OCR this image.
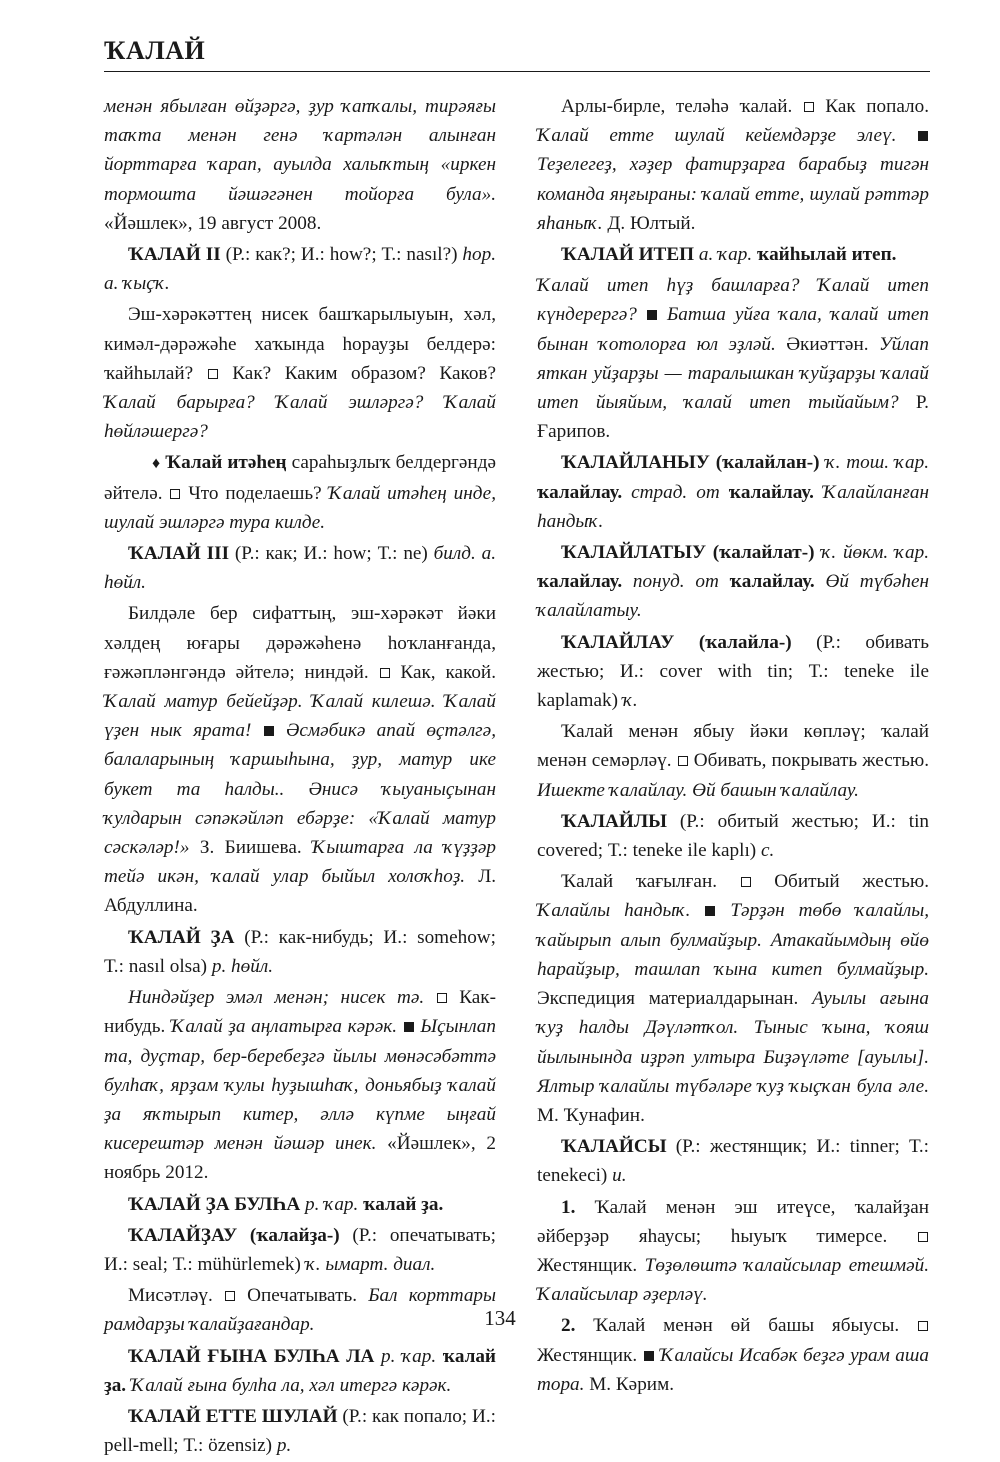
ҠАЛАЙ

менән ябылған өйҙәргә, ҙур ҡапҡалы, тирәяғы таҡта менән генә ҡартәлән алынған йорттарға ҡарап, ауылда халыҡтың «иркен тормошта йәшәгәнен тойорға була». «Йәшлек», 19 август 2008.

ҠАЛАЙ II (Р.: как?; И.: how?; Т.: nasıl?) һор. а. ҡыҫҡ.

Эш-хәрәкәттең нисек башҡарылыуын, хәл, кимәл-дәрәжәһе хаҡында һорауҙы белдерә: ҡайһылай?  Как? Каким образом? Каков? Ҡалай барырға? Ҡалай эшләргә? Ҡалай һөйләшергә?

♦ Ҡалай итәһең сараһыҙлыҡ белдергәндә әйтелә.  Что поделаешь? Ҡалай итәһең инде, шулай эшләргә тура килде.

ҠАЛАЙ III (Р.: как; И.: how; Т.: ne) билд. а. һөйл.

Билдәле бер сифаттың, эш-хәрәкәт йәки хәлдең юғары дәрәжәһенә һоҡланғанда, ғәжәпләнгәндә әйтелә; ниндәй.  Как, какой. Ҡалай матур бейейҙәр. Ҡалай килешә. Ҡалай үҙен нык ярата!  Әсмәбикә апай өҫтәлгә, балаларының ҡаршыһына, ҙур, матур ике букет та һалды.. Әнисә ҡыуаныҫынан ҡулдарын сәпәкәйләп ебәрҙе: «Ҡалай матур сәскәләр!» З. Биишева. Ҡыштарға ла ҡүҙҙәр тейә икән, ҡалай улар быйыл холоҡһоҙ. Л. Абдуллина.

ҠАЛАЙ ҘА (Р.: как-нибудь; И.: somehow; Т.: nasıl olsa) р. һөйл.

Ниндәйҙер эмәл менән; нисек тә.  Как-нибудь. Ҡалай ҙа аңлатырға кәрәк.  Ыҫынлап та, дуҫтар, бер-беребеҙгә йылы мөнәсәбәттә булһаҡ, ярҙам ҡулы һуҙышһаҡ, доньябыҙ ҡалай ҙа яҡтырып китер, әллә күпме ыңғай кисерештәр менән йәшәр инек. «Йәшлек», 2 ноябрь 2012.

ҠАЛАЙ ҘА БУЛҺА р. ҡар. ҡалай ҙа.

ҠАЛАЙҘАУ (ҡалайҙа-) (Р.: опечатывать; И.: seal; Т.: mühürlemek) ҡ. ымарт. диал.

Мисәтләү.  Опечатывать. Бал корттары рамдарҙы ҡалайҙағандар.

ҠАЛАЙ ҒЫНА БУЛҺА ЛА р. ҡар. ҡалай ҙа. Ҡалай ғына булһа ла, хәл итергә кәрәк.

ҠАЛАЙ ЕТТЕ ШУЛАЙ (Р.: как попало; И.: pell-mell; Т.: özensiz) р.

Арлы-бирле, теләһә ҡалай.  Как попало. Ҡалай етте шулай кейемдәрҙе элеү.  Теҙелегеҙ, хәҙер фатирҙарға барабыҙ тигән команда яңғыраны: ҡалай етте, шулай рәттәр яһаныҡ. Д. Юлтый.

ҠАЛАЙ ИТЕП а. ҡар. ҡайһылай итеп.

Ҡалай итеп һүҙ башларға? Ҡалай итеп күндерергә?  Батша уйға ҡала, ҡалай итеп бынан ҡотолорға юл эҙләй. Әкиәттән. Уйлап яткан уйҙарҙы — таралышкан ҡуйҙарҙы ҡалай итеп йыяйым, ҡалай итеп тыйайым? Р. Ғарипов.

ҠАЛАЙЛАНЫУ (ҡалайлан-) ҡ. тош. ҡар. ҡалайлау. страд. от ҡалайлау. Ҡалайланған һандыҡ.

ҠАЛАЙЛАТЫУ (ҡалайлат-) ҡ. йөкм. ҡар. ҡалайлау. понуд. от ҡалайлау. Өй түбәһен ҡалайлатыу.

ҠАЛАЙЛАУ (ҡалайла-) (Р.: обивать жестью; И.: cover with tin; Т.: teneke ile kaplamak) ҡ.

Ҡалай менән ябыу йәки көпләү; ҡалай менән семәрләү.  Обивать, покрывать жестью. Ишекте ҡалайлау. Өй башын ҡалайлау.

ҠАЛАЙЛЫ (Р.: обитый жестью; И.: tin covered; Т.: teneke ile kaplı) с.

Ҡалай ҡағылған.  Обитый жестью. Ҡалайлы һандыҡ.  Тәрҙән төбө ҡалайлы, ҡайырып алып булмайҙыр. Атакайымдың өйө һарайҙыр, ташлап ҡына китеп булмайҙыр. Экспедиция материалдарынан. Ауылы ағына ҡуҙ һалды Дәүләтҡол. Тыныс ҡына, ҡояш йылынында иҙрәп ултыра Биҙәүләте [ауылы]. Ялтыр ҡалайлы түбәләре ҡуҙ ҡыҫҡан була әле. М. Ҡунафин.

ҠАЛАЙСЫ (Р.: жестянщик; И.: tinner; Т.: tenekeci) и.

1. Ҡалай менән эш итеүсе, ҡалайҙан әйберҙәр яһаусы; һыуыҡ тимерсе.  Жестянщик. Төҙөлөштә ҡалайсылар етешмәй. Ҡалайсылар әҙерләү.

2. Ҡалай менән өй башы ябыусы.  Жестянщик.  Ҡалайсы Исабәк беҙгә урам аша тора. М. Кәрим.

134
